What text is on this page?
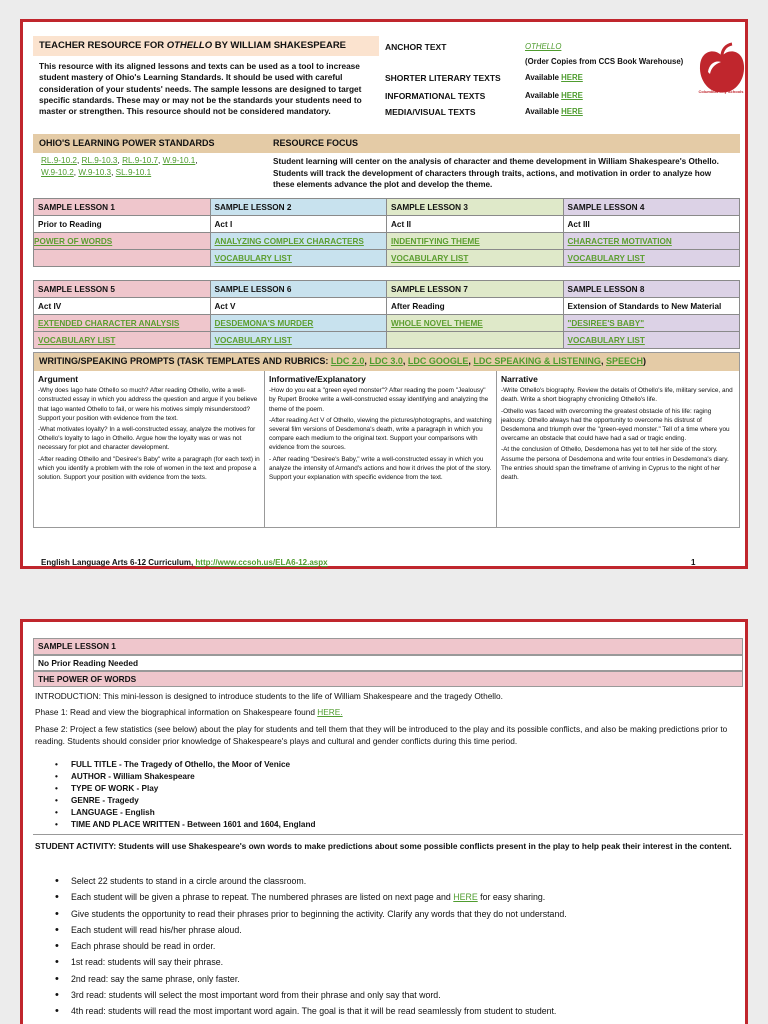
TEACHER RESOURCE FOR OTHELLO BY WILLIAM SHAKESPEARE
This resource with its aligned lessons and texts can be used as a tool to increase student mastery of Ohio's Learning Standards. It should be used with careful consideration of your students' needs. The sample lessons are designed to target specific standards. These may or may not be the standards your students need to master or strengthen. This resource should not be considered mandatory.
ANCHOR TEXT	OTHELLO
(Order Copies from CCS Book Warehouse)
SHORTER LITERARY TEXTS	Available HERE
INFORMATIONAL TEXTS	Available HERE
MEDIA/VISUAL TEXTS	Available HERE
Columbus City Schools
OHIO'S LEARNING POWER STANDARDS	RESOURCE FOCUS
RL.9-10.2, RL.9-10.3, RL.9-10.7, W.9-10.1,
W.9-10.2, W.9-10.3, SL.9-10.1
Student learning will center on the analysis of character and theme development in William Shakespeare's Othello. Students will track the development of characters through traits, actions, and motivation in order to analyze how these elements advance the plot and develop the theme.
SAMPLE LESSON 1	SAMPLE LESSON 2	SAMPLE LESSON 3	SAMPLE LESSON 4
Prior to Reading	Act I	Act II	Act III
POWER OF WORDS	ANALYZING COMPLEX CHARACTERS	INDENTIFYING THEME	CHARACTER MOTIVATION
	VOCABULARY LIST	VOCABULARY LIST	VOCABULARY LIST
SAMPLE LESSON 5	SAMPLE LESSON 6	SAMPLE LESSON 7	SAMPLE LESSON 8
Act IV	Act V	After Reading	Extension of Standards to New Material
EXTENDED CHARACTER ANALYSIS	DESDEMONA'S MURDER	WHOLE NOVEL THEME	"DESIREE'S BABY"
VOCABULARY LIST	VOCABULARY LIST		VOCABULARY LIST
WRITING/SPEAKING PROMPTS (TASK TEMPLATES AND RUBRICS: LDC 2.0, LDC 3.0, LDC GOOGLE, LDC SPEAKING & LISTENING, SPEECH)
Argument

-Why does Iago hate Othello so much? After reading Othello, write a well-constructed essay in which you address the question and argue if you believe that Iago wanted Othello to fail, or were his motives simply misunderstood? Support your position with evidence from the text.

-What motivates loyalty? In a well-constructed essay, analyze the motives for Othello's loyalty to Iago in Othello. Argue how the loyalty was or was not necessary for plot and character development.

-After reading Othello and "Desiree's Baby" write a paragraph (for each text) in which you identify a problem with the role of women in the text and propose a solution. Support your position with evidence from the texts.

Informative/Explanatory

-How do you eat a "green eyed monster"? After reading the poem "Jealousy" by Rupert Brooke write a well-constructed essay identifying and analyzing the theme of the poem.

-After reading Act V of Othello, viewing the pictures/photographs, and watching several film versions of Desdemona's death, write a paragraph in which you compare each medium to the original text. Support your comparisons with evidence from the sources.

- After reading "Desiree's Baby," write a well-constructed essay in which you analyze the intensity of Armand's actions and how it drives the plot of the story. Support your explanation with specific evidence from the text.

Narrative

-Write Othello's biography. Review the details of Othello's life, military service, and death. Write a short biography chronicling Othello's life.

-Othello was faced with overcoming the greatest obstacle of his life: raging jealousy. Othello always had the opportunity to overcome his distrust of Desdemona and triumph over the "green-eyed monster." Tell of a time where you overcame an obstacle that could have had a sad or tragic ending.

-At the conclusion of Othello, Desdemona has yet to tell her side of the story. Assume the persona of Desdemona and write four entries in Desdemona's diary. The entries should span the timeframe of arriving in Cyprus to the night of her death.

English Language Arts 6-12 Curriculum, http://www.ccsoh.us/ELA6-12.aspx	1
SAMPLE LESSON 1
No Prior Reading Needed
THE POWER OF WORDS
INTRODUCTION: This mini-lesson is designed to introduce students to the life of William Shakespeare and the tragedy Othello.
Phase 1: Read and view the biographical information on Shakespeare found HERE.
Phase 2: Project a few statistics (see below) about the play for students and tell them that they will be introduced to the play and its possible conflicts, and also be making predictions prior to reading. Students should consider prior knowledge of Shakespeare's plays and cultural and gender conflicts during this time period.
• FULL TITLE - The Tragedy of Othello, the Moor of Venice
• AUTHOR - William Shakespeare
• TYPE OF WORK - Play
• GENRE - Tragedy
• LANGUAGE - English
• TIME AND PLACE WRITTEN - Between 1601 and 1604, England
STUDENT ACTIVITY: Students will use Shakespeare's own words to make predictions about some possible conflicts present in the play to help peak their interest in the content.
• Select 22 students to stand in a circle around the classroom.
• Each student will be given a phrase to repeat. The numbered phrases are listed on next page and HERE for easy sharing.
• Give students the opportunity to read their phrases prior to beginning the activity. Clarify any words that they do not understand.
• Each student will read his/her phrase aloud.
• Each phrase should be read in order.
• 1st read: students will say their phrase.
• 2nd read: say the same phrase, only faster.
• 3rd read: students will select the most important word from their phrase and only say that word.
• 4th read: students will read the most important word again. The goal is that it will be read seamlessly from student to student.
